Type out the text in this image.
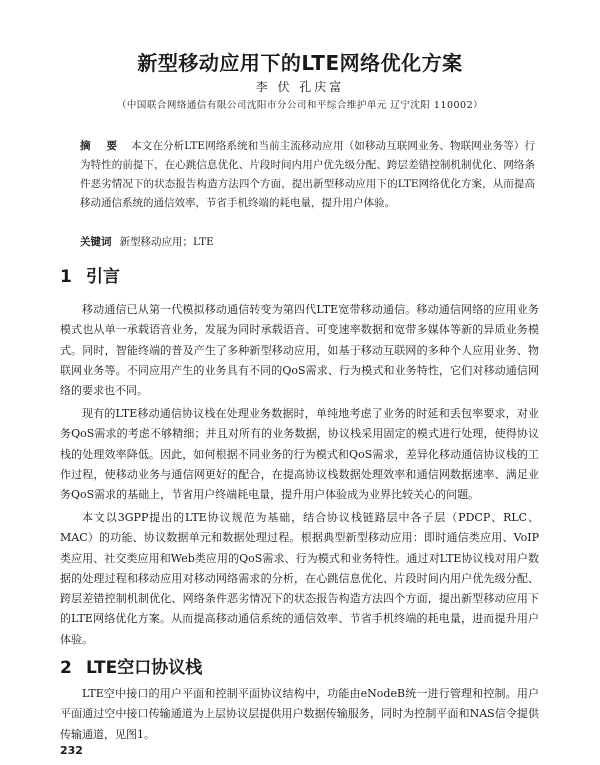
新型移动应用下的LTE网络优化方案
李 伏 孔庆富
（中国联合网络通信有限公司沈阳市分公司和平综合维护单元 辽宁沈阳 110002）
摘 要 本文在分析LTE网络系统和当前主流移动应用（如移动互联网业务、物联网业务等）行为特性的前提下，在心跳信息优化、片段时间内用户优先级分配、跨层差错控制机制优化、网络条件恶劣情况下的状态报告构造方法四个方面，提出新型移动应用下的LTE网络优化方案，从而提高移动通信系统的通信效率，节省手机终端的耗电量，提升用户体验。
关键词 新型移动应用；LTE
1 引言
移动通信已从第一代模拟移动通信转变为第四代LTE宽带移动通信。移动通信网络的应用业务模式也从单一承载语音业务，发展为同时承载语音、可变速率数据和宽带多媒体等新的异质业务模式。同时，智能终端的普及产生了多种新型移动应用，如基于移动互联网的多种个人应用业务、物联网业务等。不同应用产生的业务具有不同的QoS需求、行为模式和业务特性，它们对移动通信网络的要求也不同。
现有的LTE移动通信协议栈在处理业务数据时，单纯地考虑了业务的时延和丢包率要求，对业务QoS需求的考虑不够精细；并且对所有的业务数据，协议栈采用固定的模式进行处理，使得协议栈的处理效率降低。因此，如何根据不同业务的行为模式和QoS需求，差异化移动通信协议栈的工作过程，使移动业务与通信网更好的配合，在提高协议栈数据处理效率和通信网数据速率、满足业务QoS需求的基础上，节省用户终端耗电量，提升用户体验成为业界比较关心的问题。
本文以3GPP提出的LTE协议规范为基础，结合协议栈链路层中各子层（PDCP、RLC、MAC）的功能、协议数据单元和数据处理过程。根据典型新型移动应用：即时通信类应用、VoIP类应用、社交类应用和Web类应用的QoS需求、行为模式和业务特性。通过对LTE协议栈对用户数据的处理过程和移动应用对移动网络需求的分析，在心跳信息优化、片段时间内用户优先级分配、跨层差错控制机制优化、网络条件恶劣情况下的状态报告构造方法四个方面，提出新型移动应用下的LTE网络优化方案。从而提高移动通信系统的通信效率、节省手机终端的耗电量，进而提升用户体验。
2 LTE空口协议栈
LTE空中接口的用户平面和控制平面协议结构中，功能由eNodeB统一进行管理和控制。用户平面通过空中接口传输通道为上层协议层提供用户数据传输服务，同时为控制平面和NAS信令提供传输通道，见图1。
232
